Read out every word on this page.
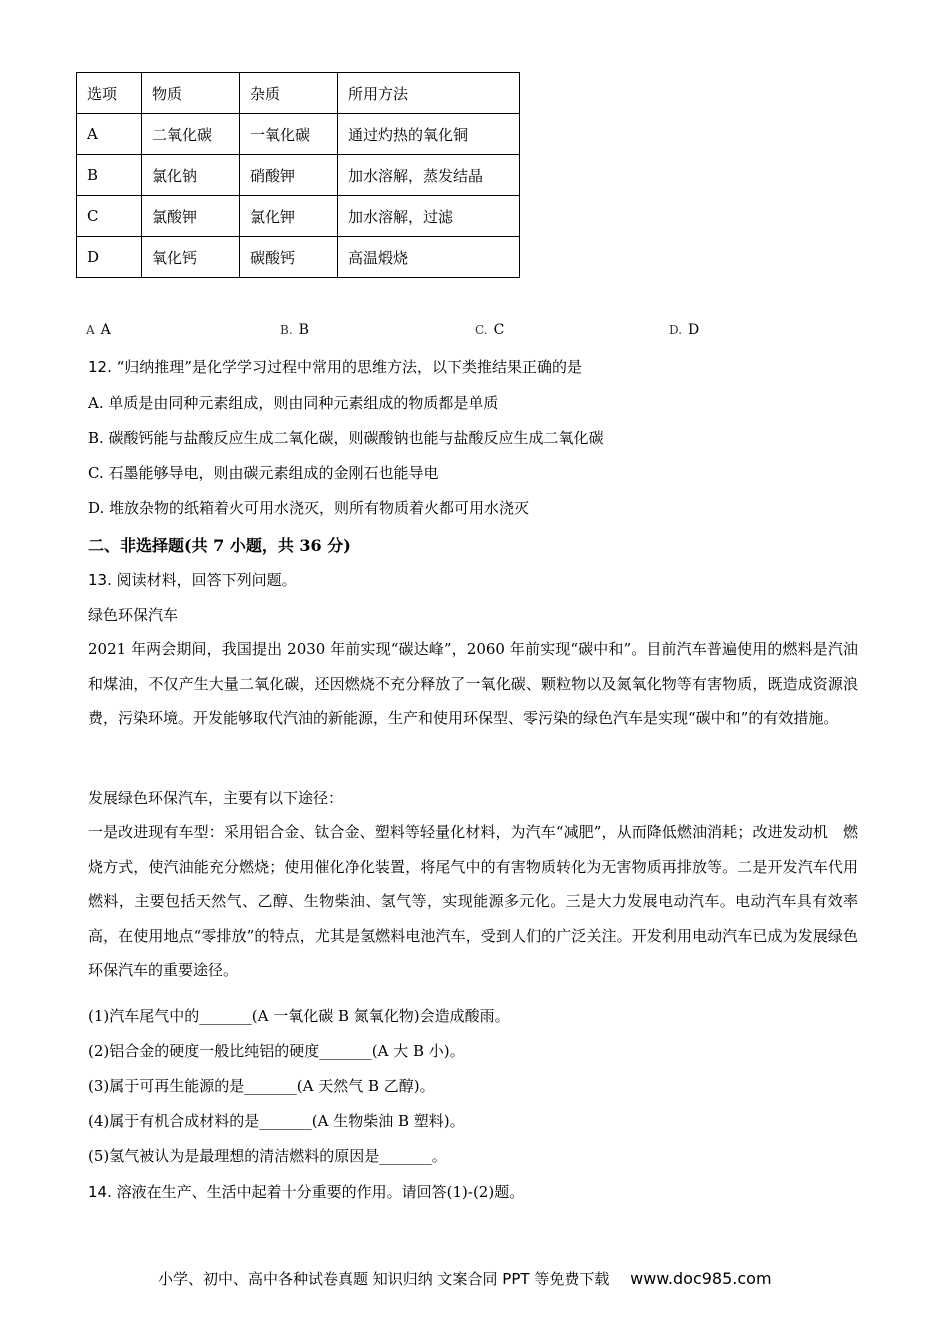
选项	物质	杂质	所用方法
A	二氧化碳	一氧化碳	通过灼热的氧化铜
B	氯化钠	硝酸钾	加水溶解，蒸发结晶
C	氯酸钾	氯化钾	加水溶解，过滤
D	氧化钙	碳酸钙	高温煅烧
A A	B. B	C. C	D. D
12. “归纳推理”是化学学习过程中常用的思维方法，以下类推结果正确的是
A. 单质是由同种元素组成，则由同种元素组成的物质都是单质
B. 碳酸钙能与盐酸反应生成二氧化碳，则碳酸钠也能与盐酸反应生成二氧化碳
C. 石墨能够导电，则由碳元素组成的金刚石也能导电
D. 堆放杂物的纸箱着火可用水浇灭，则所有物质着火都可用水浇灭
二、非选择题(共 7 小题，共 36 分)
13. 阅读材料，回答下列问题。
绿色环保汽车
2021 年两会期间，我国提出 2030 年前实现“碳达峰”，2060 年前实现“碳中和”。目前汽车普遍使用的燃料是汽油和煤油，不仅产生大量二氧化碳，还因燃烧不充分释放了一氧化碳、颗粒物以及氮氧化物等有害物质，既造成资源浪费，污染环境。开发能够取代汽油的新能源，生产和使用环保型、零污染的绿色汽车是实现“碳中和”的有效措施。
发展绿色环保汽车，主要有以下途径：
一是改进现有车型：采用铝合金、钛合金、塑料等轻量化材料，为汽车“减肥”，从而降低燃油消耗；改进发动机　燃烧方式，使汽油能充分燃烧；使用催化净化装置，将尾气中的有害物质转化为无害物质再排放等。二是开发汽车代用燃料，主要包括天然气、乙醇、生物柴油、氢气等，实现能源多元化。三是大力发展电动汽车。电动汽车具有效率高，在使用地点“零排放”的特点，尤其是氢燃料电池汽车，受到人们的广泛关注。开发利用电动汽车已成为发展绿色环保汽车的重要途径。
(1)汽车尾气中的_______(A 一氧化碳 B 氮氧化物)会造成酸雨。
(2)铝合金的硬度一般比纯铝的硬度_______(A 大 B 小)。
(3)属于可再生能源的是_______(A 天然气 B 乙醇)。
(4)属于有机合成材料的是_______(A 生物柴油 B 塑料)。
(5)氢气被认为是最理想的清洁燃料的原因是_______。
14. 溶液在生产、生活中起着十分重要的作用。请回答(1)-(2)题。
小学、初中、高中各种试卷真题 知识归纳 文案合同 PPT 等免费下载 www.doc985.com
